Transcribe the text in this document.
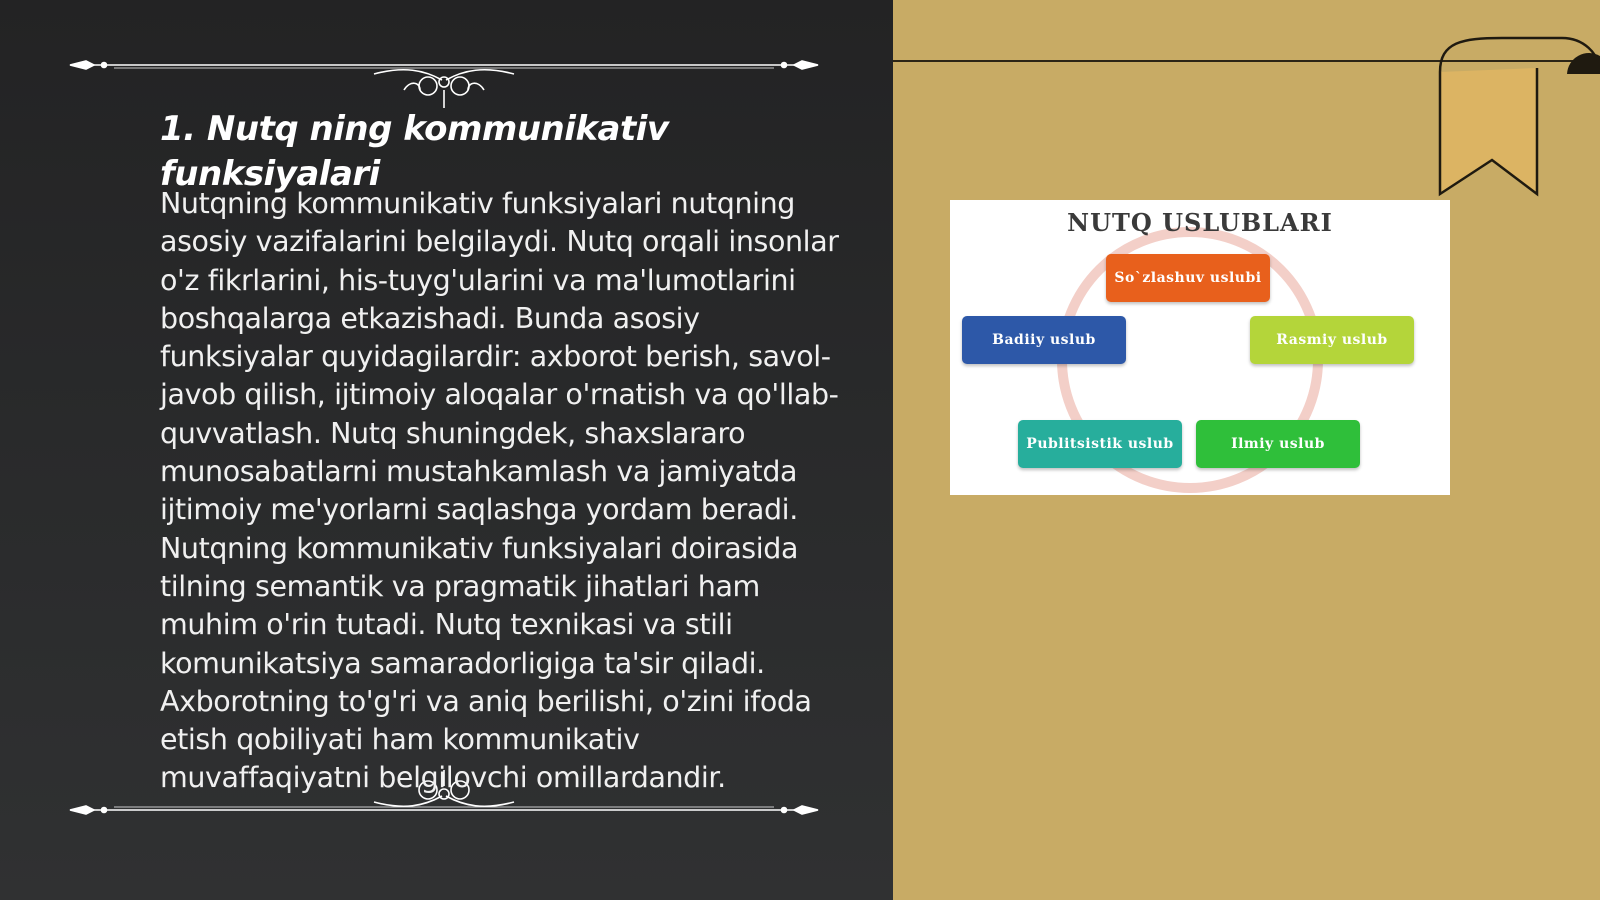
1. Nutq ning kommunikativ funksiyalari

Nutqning kommunikativ funksiyalari nutqning asosiy vazifalarini belgilaydi. Nutq orqali insonlar o'z fikrlarini, his-tuyg'ularini va ma'lumotlarini boshqalarga etkazishadi. Bunda asosiy funksiyalar quyidagilardir: axborot berish, savol-javob qilish, ijtimoiy aloqalar o'rnatish va qo'llab-quvvatlash. Nutq shuningdek, shaxslararo munosabatlarni mustahkamlash va jamiyatda ijtimoiy me'yorlarni saqlashga yordam beradi. Nutqning kommunikativ funksiyalari doirasida tilning semantik va pragmatik jihatlari ham muhim o'rin tutadi. Nutq texnikasi va stili komunikatsiya samaradorligiga ta'sir qiladi. Axborotning to'g'ri va aniq berilishi, o'zini ifoda etish qobiliyati ham kommunikativ muvaffaqiyatni belgilovchi omillardandir.

NUTQ USLUBLARI
So`zlashuv uslubi
Badiiy uslub	Rasmiy uslub
Publitsistik uslub	Ilmiy uslub
